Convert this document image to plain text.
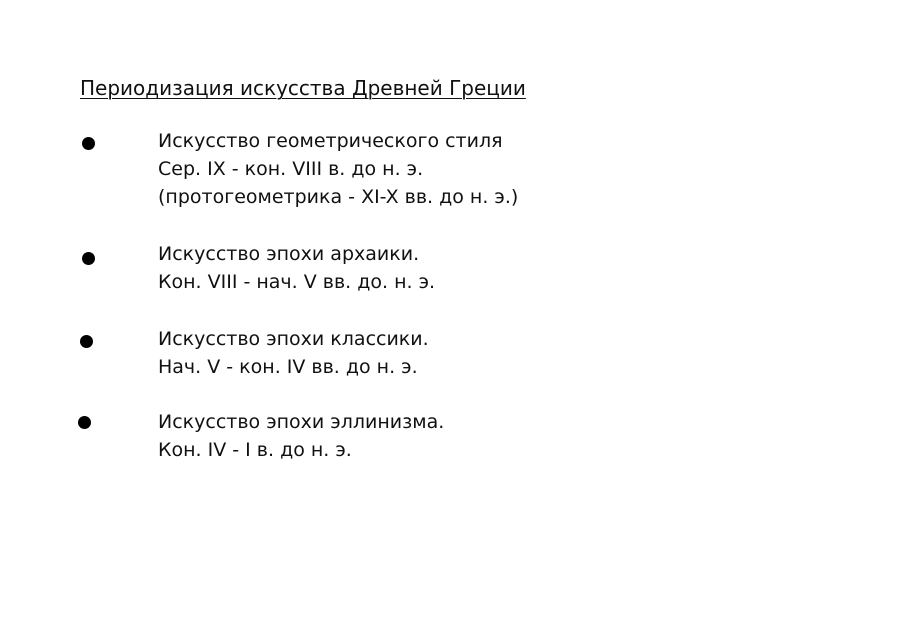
Периодизация искусства Древней Греции
Искусство геометрического стиля
Сер. IX - кон. VIII в. до н. э.
(протогеометрика - XI-X вв. до н. э.)
Искусство эпохи архаики.
Кон. VIII - нач. V вв. до. н. э.
Искусство эпохи классики.
Нач. V - кон. IV вв. до н. э.
Искусство эпохи эллинизма.
Кон. IV - I в. до н. э.
